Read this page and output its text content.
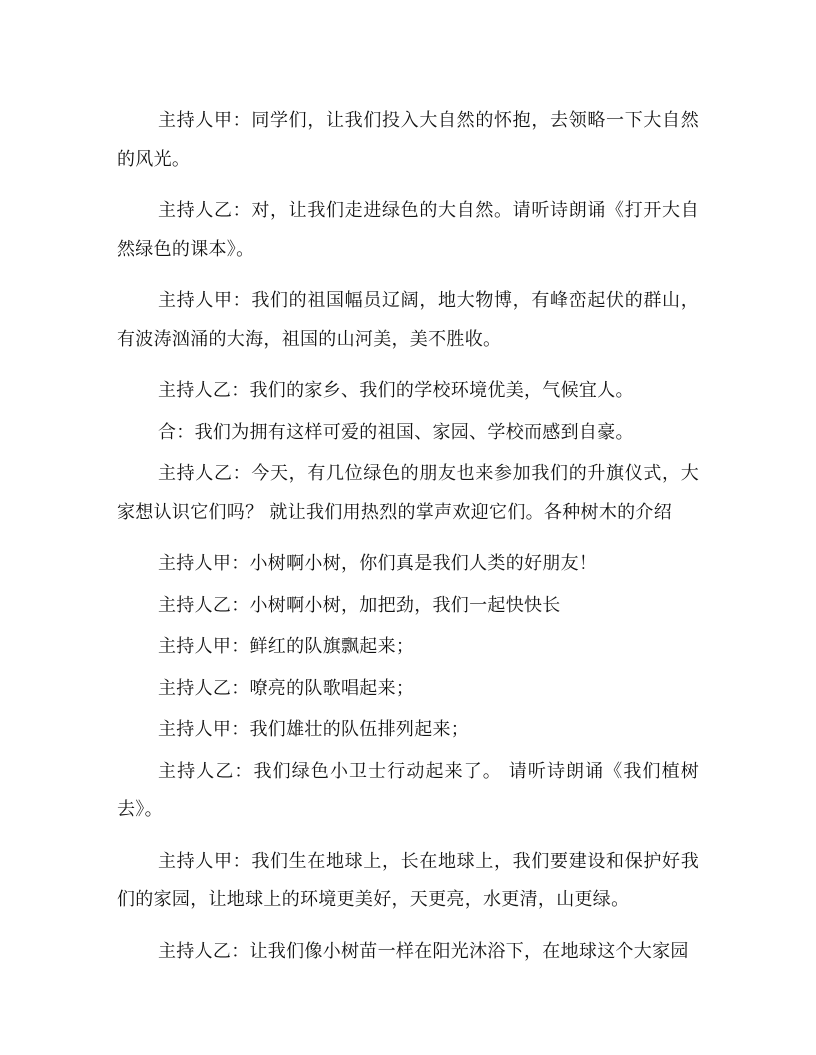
主持人甲：同学们，让我们投入大自然的怀抱，去领略一下大自然的风光。

主持人乙：对，让我们走进绿色的大自然。请听诗朗诵《打开大自然绿色的课本》。

主持人甲：我们的祖国幅员辽阔，地大物博，有峰峦起伏的群山，有波涛汹涌的大海，祖国的山河美，美不胜收。

主持人乙：我们的家乡、我们的学校环境优美，气候宜人。

合：我们为拥有这样可爱的祖国、家园、学校而感到自豪。

主持人乙：今天，有几位绿色的朋友也来参加我们的升旗仪式，大家想认识它们吗？ 就让我们用热烈的掌声欢迎它们。各种树木的介绍

主持人甲：小树啊小树，你们真是我们人类的好朋友！

主持人乙：小树啊小树，加把劲，我们一起快快长

主持人甲：鲜红的队旗飘起来；

主持人乙：嘹亮的队歌唱起来；

主持人甲：我们雄壮的队伍排列起来；

主持人乙：我们绿色小卫士行动起来了。 请听诗朗诵《我们植树去》。

主持人甲：我们生在地球上，长在地球上，我们要建设和保护好我们的家园，让地球上的环境更美好，天更亮，水更清，山更绿。

主持人乙：让我们像小树苗一样在阳光沐浴下，在地球这个大家园
